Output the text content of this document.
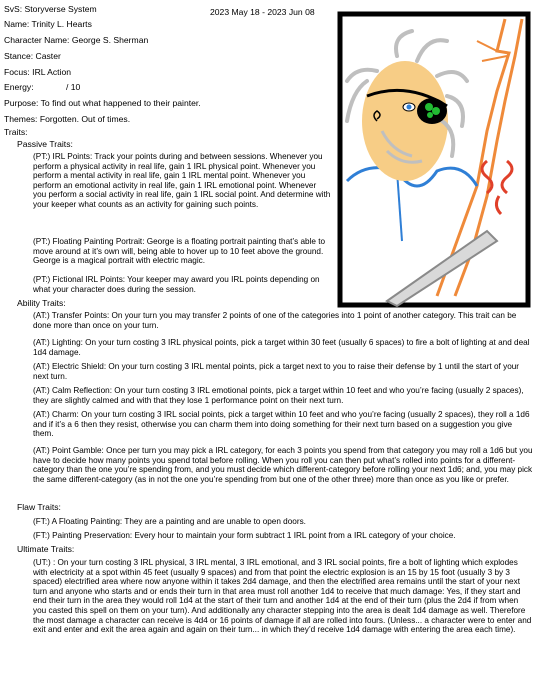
SvS: Storyverse System	2023 May 18 - 2023 Jun 08
Name: Trinity L. Hearts
Character Name: George S. Sherman
Stance: Caster
Focus: IRL Action
Energy:	/ 10
Purpose: To find out what happened to their painter.
Themes: Forgotten. Out of times.
Traits:
Passive Traits:

(PT:) IRL Points: Track your points during and between sessions. Whenever you perform a physical activity in real life, gain 1 IRL physical point. Whenever you perform a mental activity in real life, gain 1 IRL mental point. Whenever you perform an emotional activity in real life, gain 1 IRL emotional point. Whenever you perform a social activity in real life, gain 1 IRL social point. And determine with your keeper what counts as an activity for gaining such points.

(PT:) Floating Painting Portrait: George is a floating portrait painting that’s able to move around at it’s own will, being able to hover up to 10 feet above the ground. George is a magical portrait with electric magic.

(PT:) Fictional IRL Points: Your keeper may award you IRL points depending on what your character does during the session.

Ability Traits:

(AT:) Transfer Points: On your turn you may transfer 2 points of one of the categories into 1 point of another category. This trait can be done more than once on your turn.

(AT:) Lighting: On your turn costing 3 IRL physical points, pick a target within 30 feet (usually 6 spaces) to fire a bolt of lighting at and deal 1d4 damage.

(AT:) Electric Shield: On your turn costing 3 IRL mental points, pick a target next to you to raise their defense by 1 until the start of your next turn.

(AT:) Calm Reflection: On your turn costing 3 IRL emotional points, pick a target within 10 feet and who you’re facing (usually 2 spaces), they are slightly calmed and with that they lose 1 performance point on their next turn.

(AT:) Charm: On your turn costing 3 IRL social points, pick a target within 10 feet and who you’re facing (usually 2 spaces), they roll a 1d6 and if it’s a 6 then they resist, otherwise you can charm them into doing something for their next turn based on a suggestion you give them.

(AT:) Point Gamble: Once per turn you may pick a IRL category, for each 3 points you spend from that category you may roll a 1d6 but you have to decide how many points you spend total before rolling. When you roll you can then put what’s rolled into points for a different-category than the one you’re spending from, and you must decide which different-category before rolling your next 1d6; and, you may pick the same different-category (as in not the one you’re spending from but one of the other three) more than once as you like or prefer.

Flaw Traits:

(FT:) A Floating Painting: They are a painting and are unable to open doors.

(FT:) Painting Preservation: Every hour to maintain your form subtract 1 IRL point from a IRL category of your choice.

Ultimate Traits:

(UT:) : On your turn costing 3 IRL physical, 3 IRL mental, 3 IRL emotional, and 3 IRL social points, fire a bolt of lighting which explodes with electricity at a spot within 45 feet (usually 9 spaces) and from that point the electric explosion is an 15 by 15 foot (usually 3 by 3 spaced) electrified area where now anyone within it takes 2d4 damage, and then the electrified area remains until the start of your next turn and anyone who starts and or ends their turn in that area must roll another 1d4 to receive that much damage: Yes, if they start and end their turn in the area they would roll 1d4 at the start of their turn and another 1d4 at the end of their turn (plus the 2d4 if from when you casted this spell on them on your turn). And additionally any character stepping into the area is dealt 1d4 damage as well. Therefore the most damage a character can receive is 4d4 or 16 points of damage if all are rolled into fours. (Unless... a character were to enter and exit and enter and exit the area again and again on their turn... in which they’d receive 1d4 damage with entering the area each time).
